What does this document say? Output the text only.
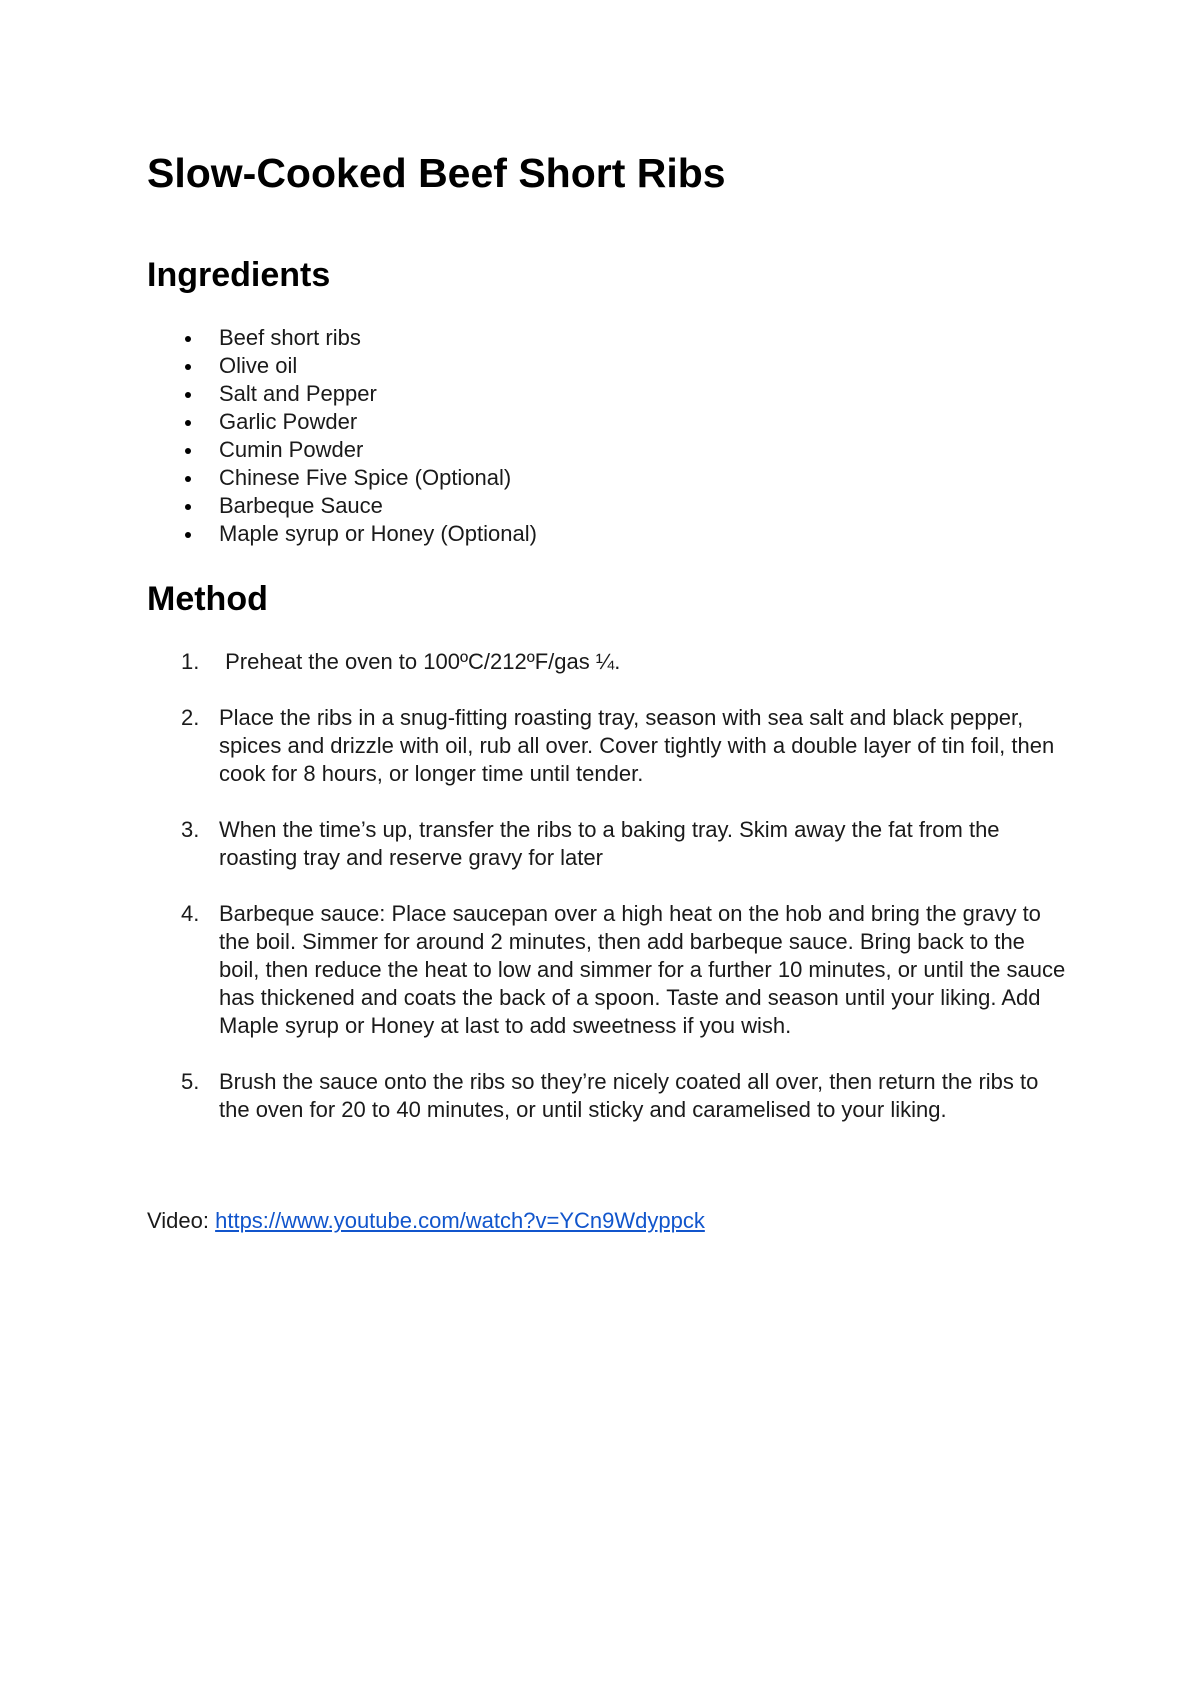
Slow-Cooked Beef Short Ribs
Ingredients
Beef short ribs
Olive oil
Salt and Pepper
Garlic Powder
Cumin Powder
Chinese Five Spice (Optional)
Barbeque Sauce
Maple syrup or Honey (Optional)
Method
1. Preheat the oven to 100ºC/212ºF/gas ¼.
2. Place the ribs in a snug-fitting roasting tray, season with sea salt and black pepper, spices and drizzle with oil, rub all over. Cover tightly with a double layer of tin foil, then cook for 8 hours, or longer time until tender.
3. When the time’s up, transfer the ribs to a baking tray. Skim away the fat from the roasting tray and reserve gravy for later
4. Barbeque sauce: Place saucepan over a high heat on the hob and bring the gravy to the boil. Simmer for around 2 minutes, then add barbeque sauce. Bring back to the boil, then reduce the heat to low and simmer for a further 10 minutes, or until the sauce has thickened and coats the back of a spoon. Taste and season until your liking. Add Maple syrup or Honey at last to add sweetness if you wish.
5. Brush the sauce onto the ribs so they’re nicely coated all over, then return the ribs to the oven for 20 to 40 minutes, or until sticky and caramelised to your liking.
Video: https://www.youtube.com/watch?v=YCn9Wdyppck
